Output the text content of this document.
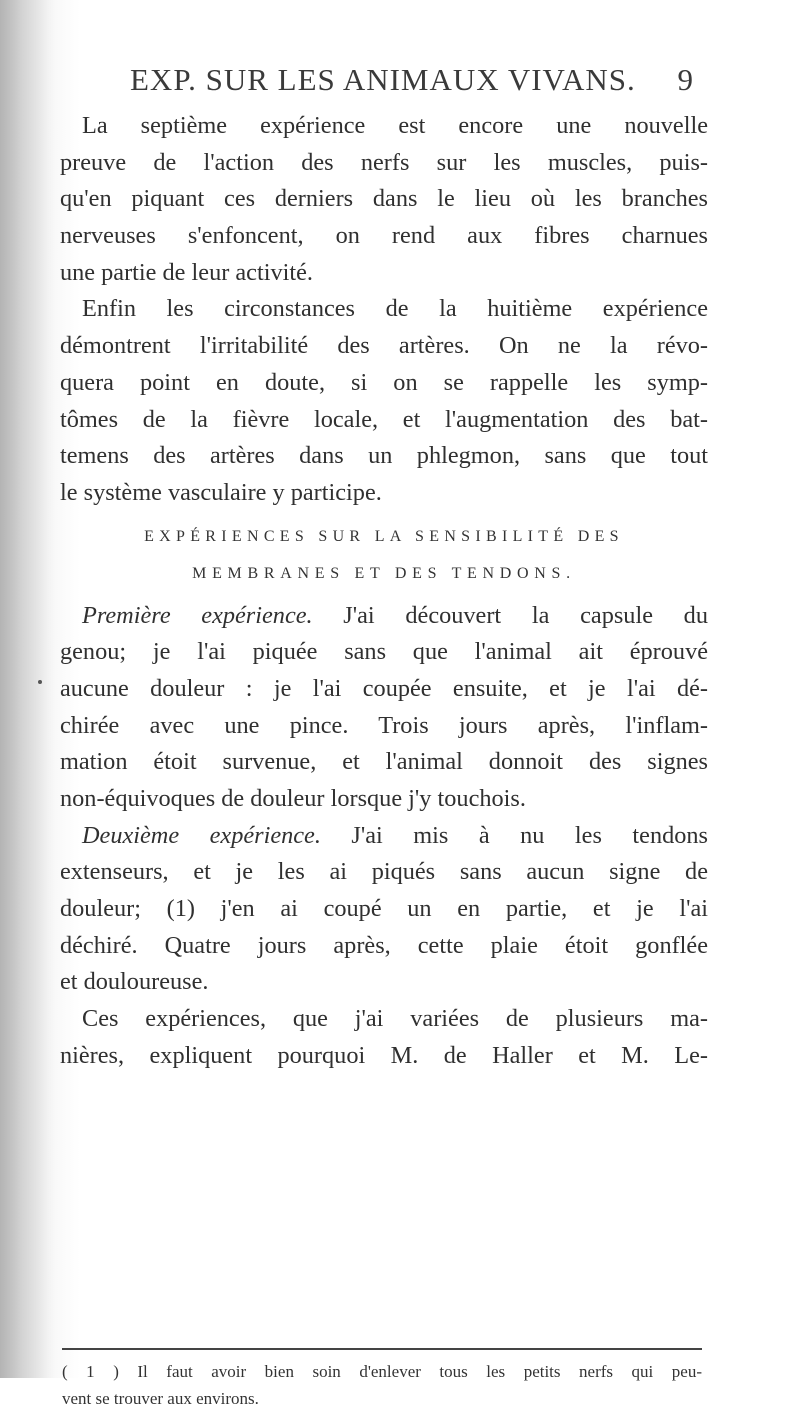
EXP. SUR LES ANIMAUX VIVANS. 9
La septième expérience est encore une nouvelle
preuve de l'action des nerfs sur les muscles, puis-
qu'en piquant ces derniers dans le lieu où les branches
nerveuses s'enfoncent, on rend aux fibres charnues
une partie de leur activité.
Enfin les circonstances de la huitième expérience
démontrent l'irritabilité des artères. On ne la révo-
quera point en doute, si on se rappelle les symp-
tômes de la fièvre locale, et l'augmentation des bat-
temens des artères dans un phlegmon, sans que tout
le système vasculaire y participe.
EXPÉRIENCES SUR LA SENSIBILITÉ DES
MEMBRANES ET DES TENDONS.
Première expérience. J'ai découvert la capsule du
genou; je l'ai piquée sans que l'animal ait éprouvé
aucune douleur : je l'ai coupée ensuite, et je l'ai dé-
chirée avec une pince. Trois jours après, l'inflam-
mation étoit survenue, et l'animal donnoit des signes
non-équivoques de douleur lorsque j'y touchois.
Deuxième expérience. J'ai mis à nu les tendons
extenseurs, et je les ai piqués sans aucun signe de
douleur; (1) j'en ai coupé un en partie, et je l'ai
déchiré. Quatre jours après, cette plaie étoit gonflée
et douloureuse.
Ces expériences, que j'ai variées de plusieurs ma-
nières, expliquent pourquoi M. de Haller et M. Le-
( 1 ) Il faut avoir bien soin d'enlever tous les petits nerfs qui peu-
vent se trouver aux environs.
